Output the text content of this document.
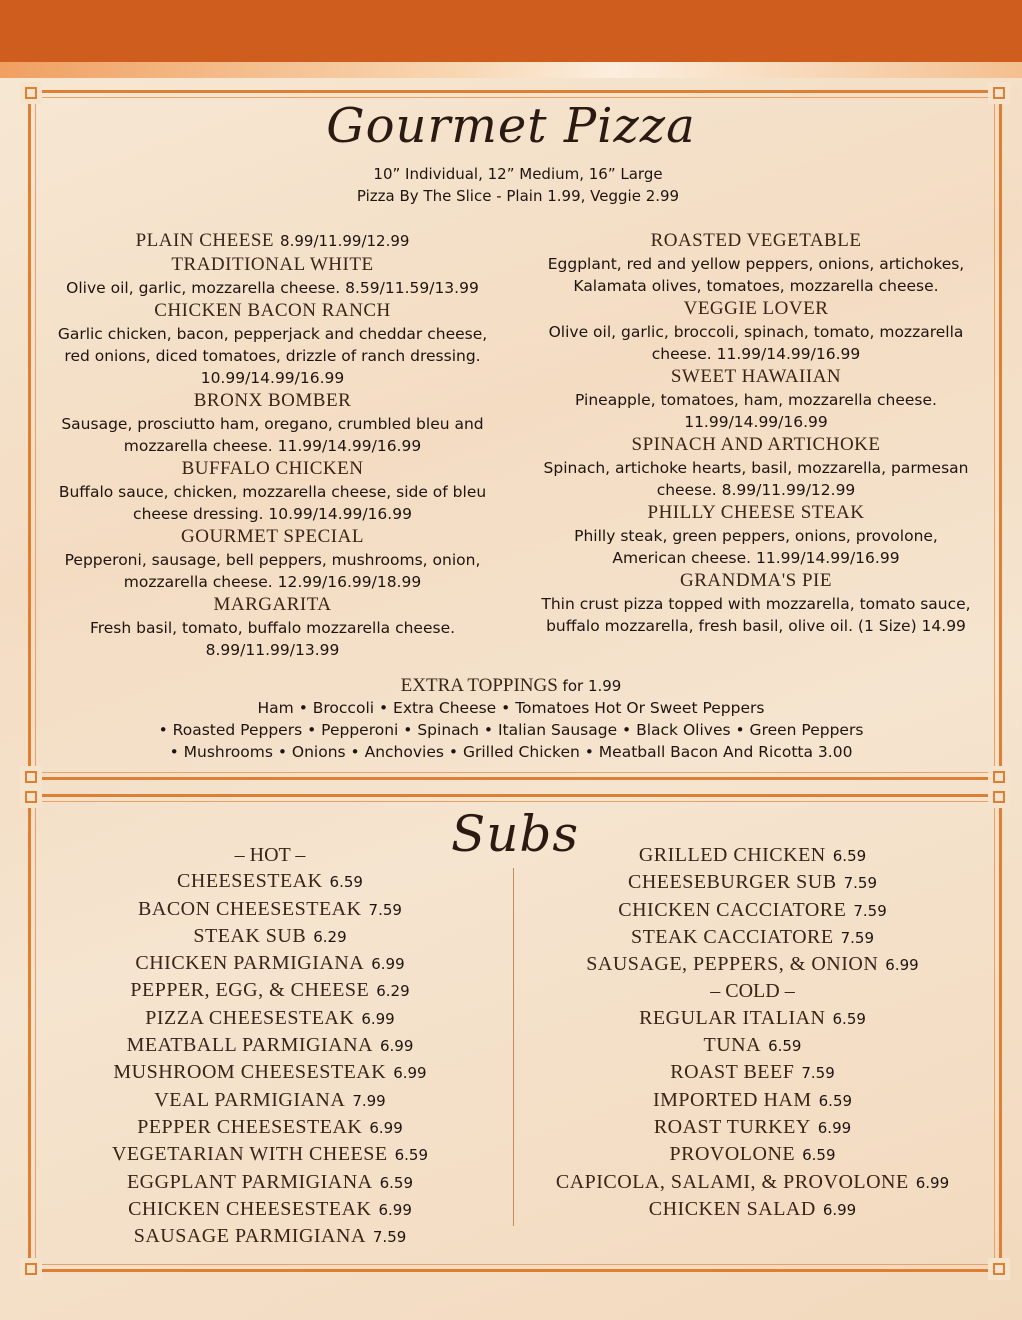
Gourmet Pizza
10” Individual, 12” Medium, 16” Large
Pizza By The Slice - Plain 1.99, Veggie 2.99
PLAIN CHEESE 8.99/11.99/12.99
TRADITIONAL WHITE
Olive oil, garlic, mozzarella cheese. 8.59/11.59/13.99
CHICKEN BACON RANCH
Garlic chicken, bacon, pepperjack and cheddar cheese,
red onions, diced tomatoes, drizzle of ranch dressing.
10.99/14.99/16.99
BRONX BOMBER
Sausage, prosciutto ham, oregano, crumbled bleu and
mozzarella cheese. 11.99/14.99/16.99
BUFFALO CHICKEN
Buffalo sauce, chicken, mozzarella cheese, side of bleu
cheese dressing. 10.99/14.99/16.99
GOURMET SPECIAL
Pepperoni, sausage, bell peppers, mushrooms, onion,
mozzarella cheese. 12.99/16.99/18.99
MARGARITA
Fresh basil, tomato, buffalo mozzarella cheese.
8.99/11.99/13.99
ROASTED VEGETABLE
Eggplant, red and yellow peppers, onions, artichokes,
Kalamata olives, tomatoes, mozzarella cheese.
VEGGIE LOVER
Olive oil, garlic, broccoli, spinach, tomato, mozzarella
cheese. 11.99/14.99/16.99
SWEET HAWAIIAN
Pineapple, tomatoes, ham, mozzarella cheese.
11.99/14.99/16.99
SPINACH AND ARTICHOKE
Spinach, artichoke hearts, basil, mozzarella, parmesan
cheese. 8.99/11.99/12.99
PHILLY CHEESE STEAK
Philly steak, green peppers, onions, provolone,
American cheese. 11.99/14.99/16.99
GRANDMA'S PIE
Thin crust pizza topped with mozzarella, tomato sauce,
buffalo mozzarella, fresh basil, olive oil. (1 Size) 14.99
EXTRA TOPPINGS for 1.99
Ham • Broccoli • Extra Cheese • Tomatoes Hot Or Sweet Peppers
• Roasted Peppers • Pepperoni • Spinach • Italian Sausage • Black Olives • Green Peppers
• Mushrooms • Onions • Anchovies • Grilled Chicken • Meatball Bacon And Ricotta 3.00
Subs
– HOT –
CHEESESTEAK 6.59
BACON CHEESESTEAK 7.59
STEAK SUB 6.29
CHICKEN PARMIGIANA 6.99
PEPPER, EGG, & CHEESE 6.29
PIZZA CHEESESTEAK 6.99
MEATBALL PARMIGIANA 6.99
MUSHROOM CHEESESTEAK 6.99
VEAL PARMIGIANA 7.99
PEPPER CHEESESTEAK 6.99
VEGETARIAN WITH CHEESE 6.59
EGGPLANT PARMIGIANA 6.59
CHICKEN CHEESESTEAK 6.99
SAUSAGE PARMIGIANA 7.59
GRILLED CHICKEN 6.59
CHEESEBURGER SUB 7.59
CHICKEN CACCIATORE 7.59
STEAK CACCIATORE 7.59
SAUSAGE, PEPPERS, & ONION 6.99
– COLD –
REGULAR ITALIAN 6.59
TUNA 6.59
ROAST BEEF 7.59
IMPORTED HAM 6.59
ROAST TURKEY 6.99
PROVOLONE 6.59
CAPICOLA, SALAMI, & PROVOLONE 6.99
CHICKEN SALAD 6.99
